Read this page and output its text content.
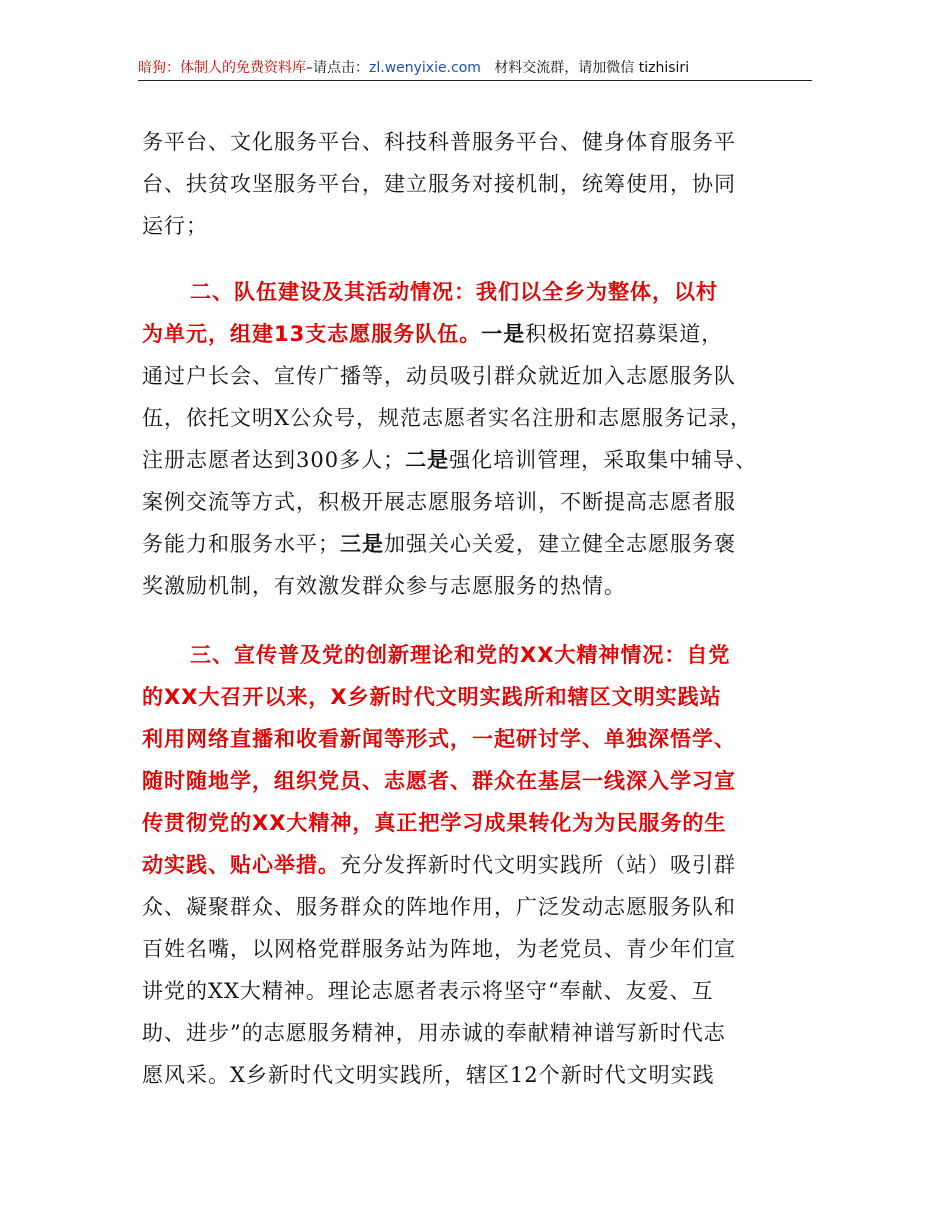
暗狗：体制人的免费资料库–请点击：zl.wenyixie.com 材料交流群，请加微信 tizhisiri
务平台、文化服务平台、科技科普服务平台、健身体育服务平
台、扶贫攻坚服务平台，建立服务对接机制，统筹使用，协同
运行；
二、队伍建设及其活动情况：我们以全乡为整体，以村
为单元，组建13支志愿服务队伍。一是积极拓宽招募渠道，
通过户长会、宣传广播等，动员吸引群众就近加入志愿服务队
伍，依托文明X公众号，规范志愿者实名注册和志愿服务记录，
注册志愿者达到300多人；二是强化培训管理，采取集中辅导、
案例交流等方式，积极开展志愿服务培训，不断提高志愿者服
务能力和服务水平；三是加强关心关爱，建立健全志愿服务褒
奖激励机制，有效激发群众参与志愿服务的热情。
三、宣传普及党的创新理论和党的XX大精神情况：自党
的XX大召开以来，X乡新时代文明实践所和辖区文明实践站
利用网络直播和收看新闻等形式，一起研讨学、单独深悟学、
随时随地学，组织党员、志愿者、群众在基层一线深入学习宣
传贯彻党的XX大精神，真正把学习成果转化为为民服务的生
动实践、贴心举措。充分发挥新时代文明实践所（站）吸引群
众、凝聚群众、服务群众的阵地作用，广泛发动志愿服务队和
百姓名嘴，以网格党群服务站为阵地，为老党员、青少年们宣
讲党的XX大精神。理论志愿者表示将坚守“奉献、友爱、互
助、进步”的志愿服务精神，用赤诚的奉献精神谱写新时代志
愿风采。X乡新时代文明实践所，辖区12个新时代文明实践
